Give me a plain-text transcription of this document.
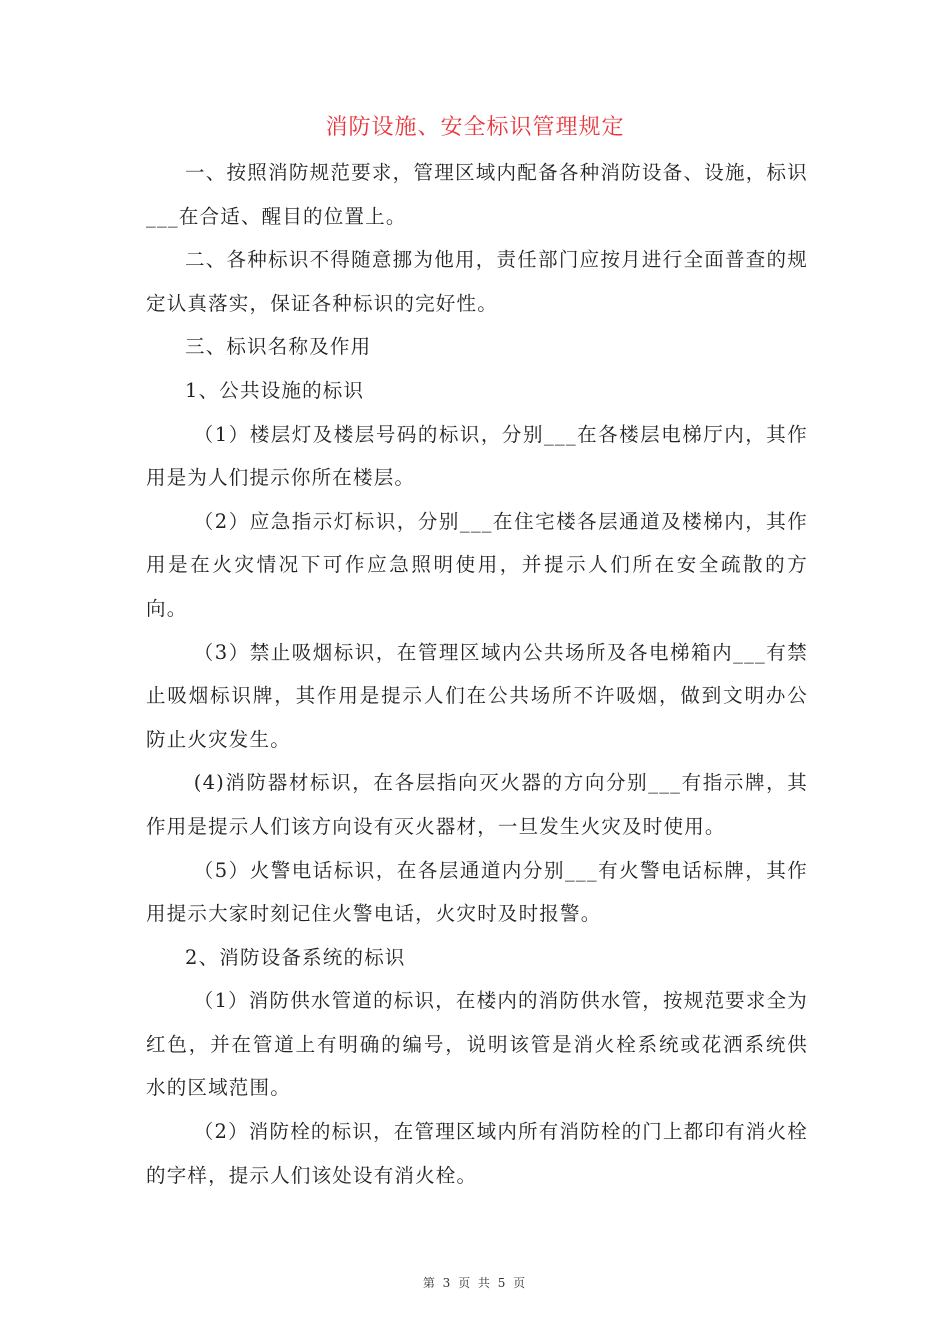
消防设施、安全标识管理规定

一、按照消防规范要求，管理区域内配备各种消防设备、设施，标识___在合适、醒目的位置上。

二、各种标识不得随意挪为他用，责任部门应按月进行全面普查的规定认真落实，保证各种标识的完好性。

三、标识名称及作用

1、公共设施的标识

（1）楼层灯及楼层号码的标识，分别___在各楼层电梯厅内，其作用是为人们提示你所在楼层。

（2）应急指示灯标识，分别___在住宅楼各层通道及楼梯内，其作用是在火灾情况下可作应急照明使用，并提示人们所在安全疏散的方向。

（3）禁止吸烟标识，在管理区域内公共场所及各电梯箱内___有禁止吸烟标识牌，其作用是提示人们在公共场所不许吸烟，做到文明办公防止火灾发生。

(4)消防器材标识，在各层指向灭火器的方向分别___有指示牌，其作用是提示人们该方向设有灭火器材，一旦发生火灾及时使用。

（5）火警电话标识，在各层通道内分别___有火警电话标牌，其作用提示大家时刻记住火警电话，火灾时及时报警。

2、消防设备系统的标识

（1）消防供水管道的标识，在楼内的消防供水管，按规范要求全为红色，并在管道上有明确的编号，说明该管是消火栓系统或花洒系统供水的区域范围。

（2）消防栓的标识，在管理区域内所有消防栓的门上都印有消火栓的字样，提示人们该处设有消火栓。

第 3 页 共 5 页
